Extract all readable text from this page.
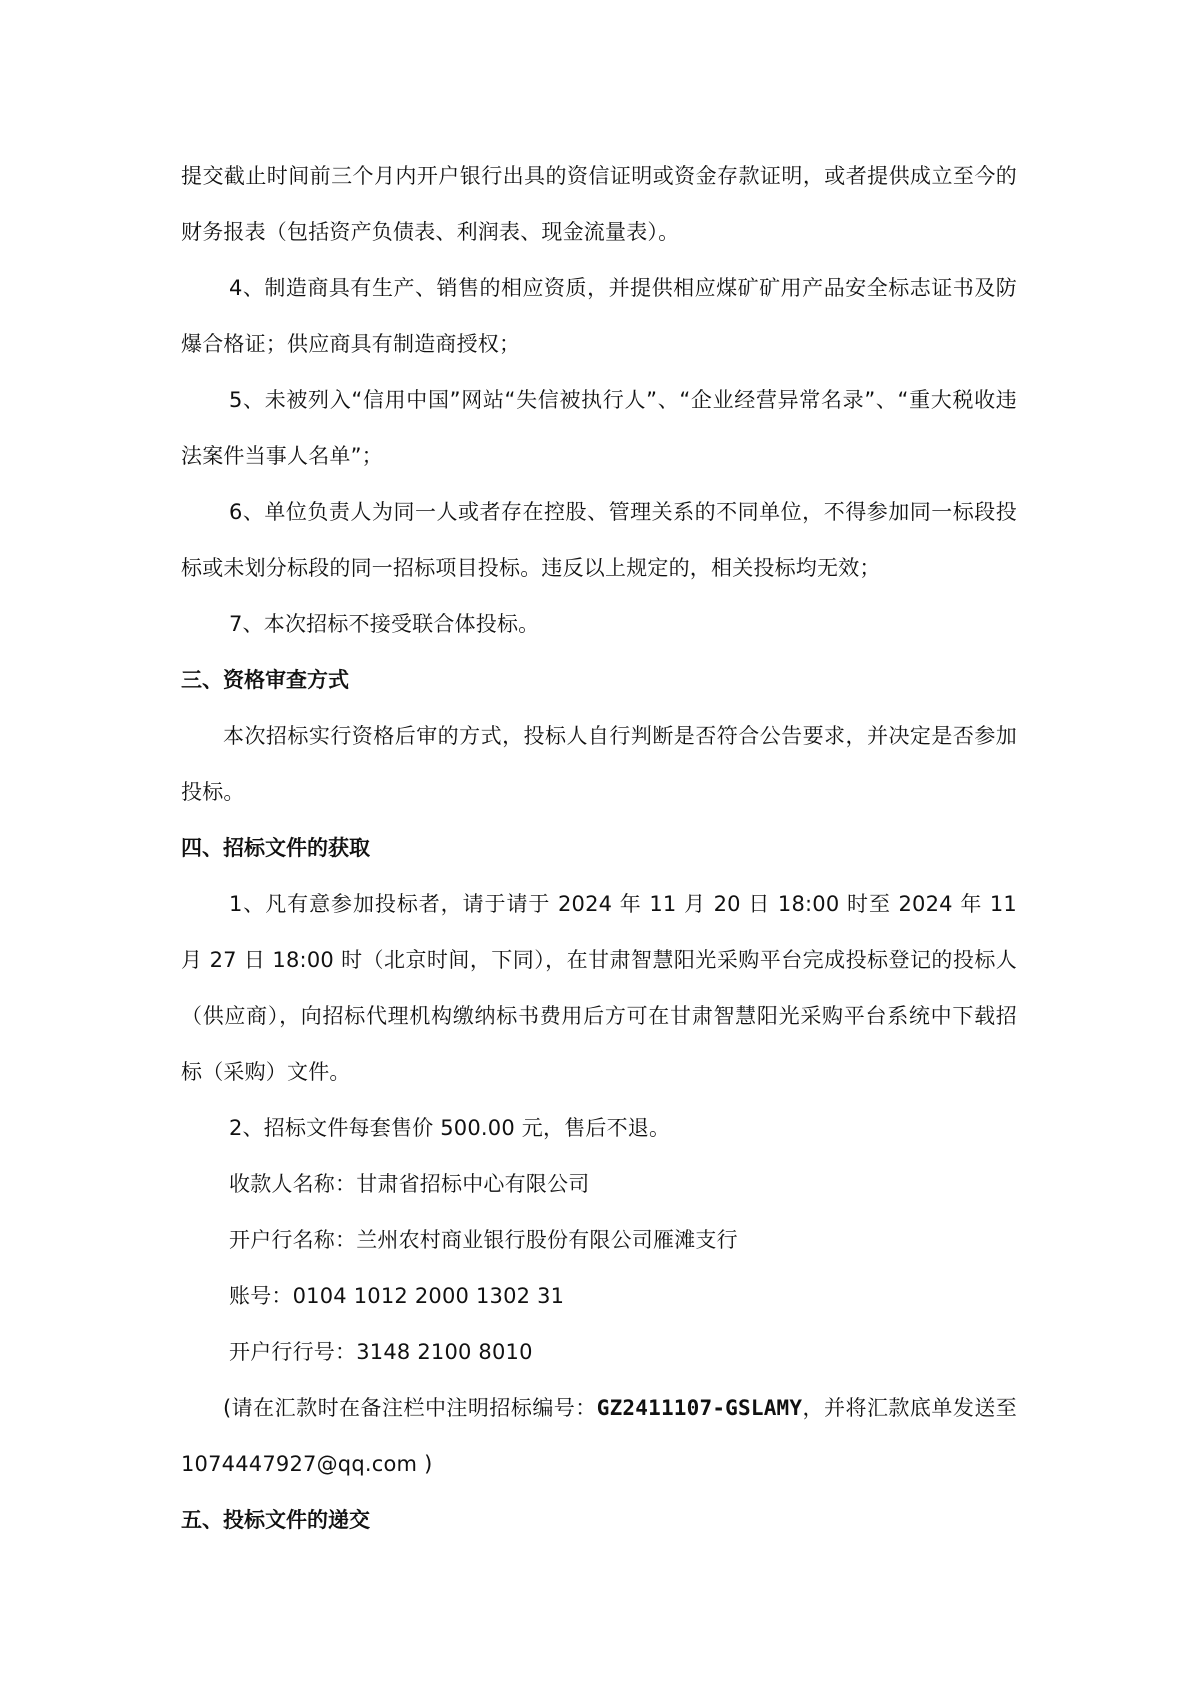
提交截止时间前三个月内开户银行出具的资信证明或资金存款证明，或者提供成立至今的财务报表（包括资产负债表、利润表、现金流量表）。

4、制造商具有生产、销售的相应资质，并提供相应煤矿矿用产品安全标志证书及防爆合格证；供应商具有制造商授权；

5、未被列入“信用中国”网站“失信被执行人”、“企业经营异常名录”、“重大税收违法案件当事人名单”；

6、单位负责人为同一人或者存在控股、管理关系的不同单位，不得参加同一标段投标或未划分标段的同一招标项目投标。违反以上规定的，相关投标均无效；

7、本次招标不接受联合体投标。

三、资格审查方式

本次招标实行资格后审的方式，投标人自行判断是否符合公告要求，并决定是否参加投标。

四、招标文件的获取

1、凡有意参加投标者，请于请于 2024 年 11 月 20 日 18:00 时至 2024 年 11 月 27 日 18:00 时（北京时间，下同），在甘肃智慧阳光采购平台完成投标登记的投标人（供应商），向招标代理机构缴纳标书费用后方可在甘肃智慧阳光采购平台系统中下载招标（采购）文件。

2、招标文件每套售价 500.00 元，售后不退。

收款人名称：甘肃省招标中心有限公司

开户行名称：兰州农村商业银行股份有限公司雁滩支行

账号：0104 1012 2000 1302 31

开户行行号：3148 2100 8010

(请在汇款时在备注栏中注明招标编号：GZ2411107-GSLAMY，并将汇款底单发送至 1074447927@qq.com )

五、投标文件的递交
